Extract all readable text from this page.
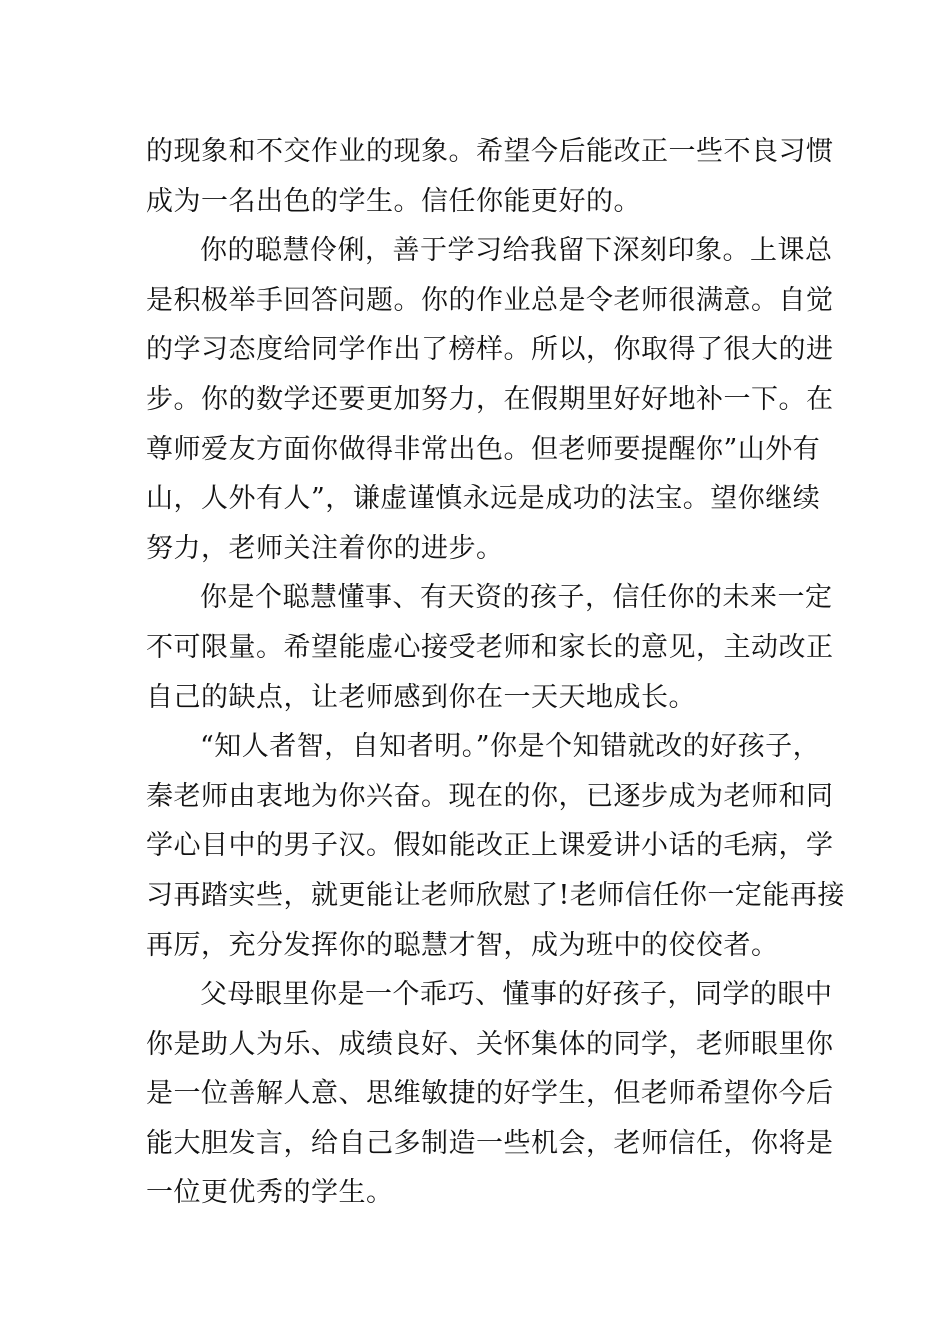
的现象和不交作业的现象。希望今后能改正一些不良习惯
成为一名出色的学生。信任你能更好的。
你的聪慧伶俐，善于学习给我留下深刻印象。上课总
是积极举手回答问题。你的作业总是令老师很满意。自觉
的学习态度给同学作出了榜样。所以，你取得了很大的进
步。你的数学还要更加努力，在假期里好好地补一下。在
尊师爱友方面你做得非常出色。但老师要提醒你”山外有
山，人外有人”，谦虚谨慎永远是成功的法宝。望你继续
努力，老师关注着你的进步。
你是个聪慧懂事、有天资的孩子，信任你的未来一定
不可限量。希望能虚心接受老师和家长的意见，主动改正
自己的缺点，让老师感到你在一天天地成长。
“知人者智，自知者明。”你是个知错就改的好孩子，
秦老师由衷地为你兴奋。现在的你，已逐步成为老师和同
学心目中的男子汉。假如能改正上课爱讲小话的毛病，学
习再踏实些，就更能让老师欣慰了!老师信任你一定能再接
再厉，充分发挥你的聪慧才智，成为班中的佼佼者。
父母眼里你是一个乖巧、懂事的好孩子，同学的眼中
你是助人为乐、成绩良好、关怀集体的同学，老师眼里你
是一位善解人意、思维敏捷的好学生，但老师希望你今后
能大胆发言，给自己多制造一些机会，老师信任，你将是
一位更优秀的学生。
